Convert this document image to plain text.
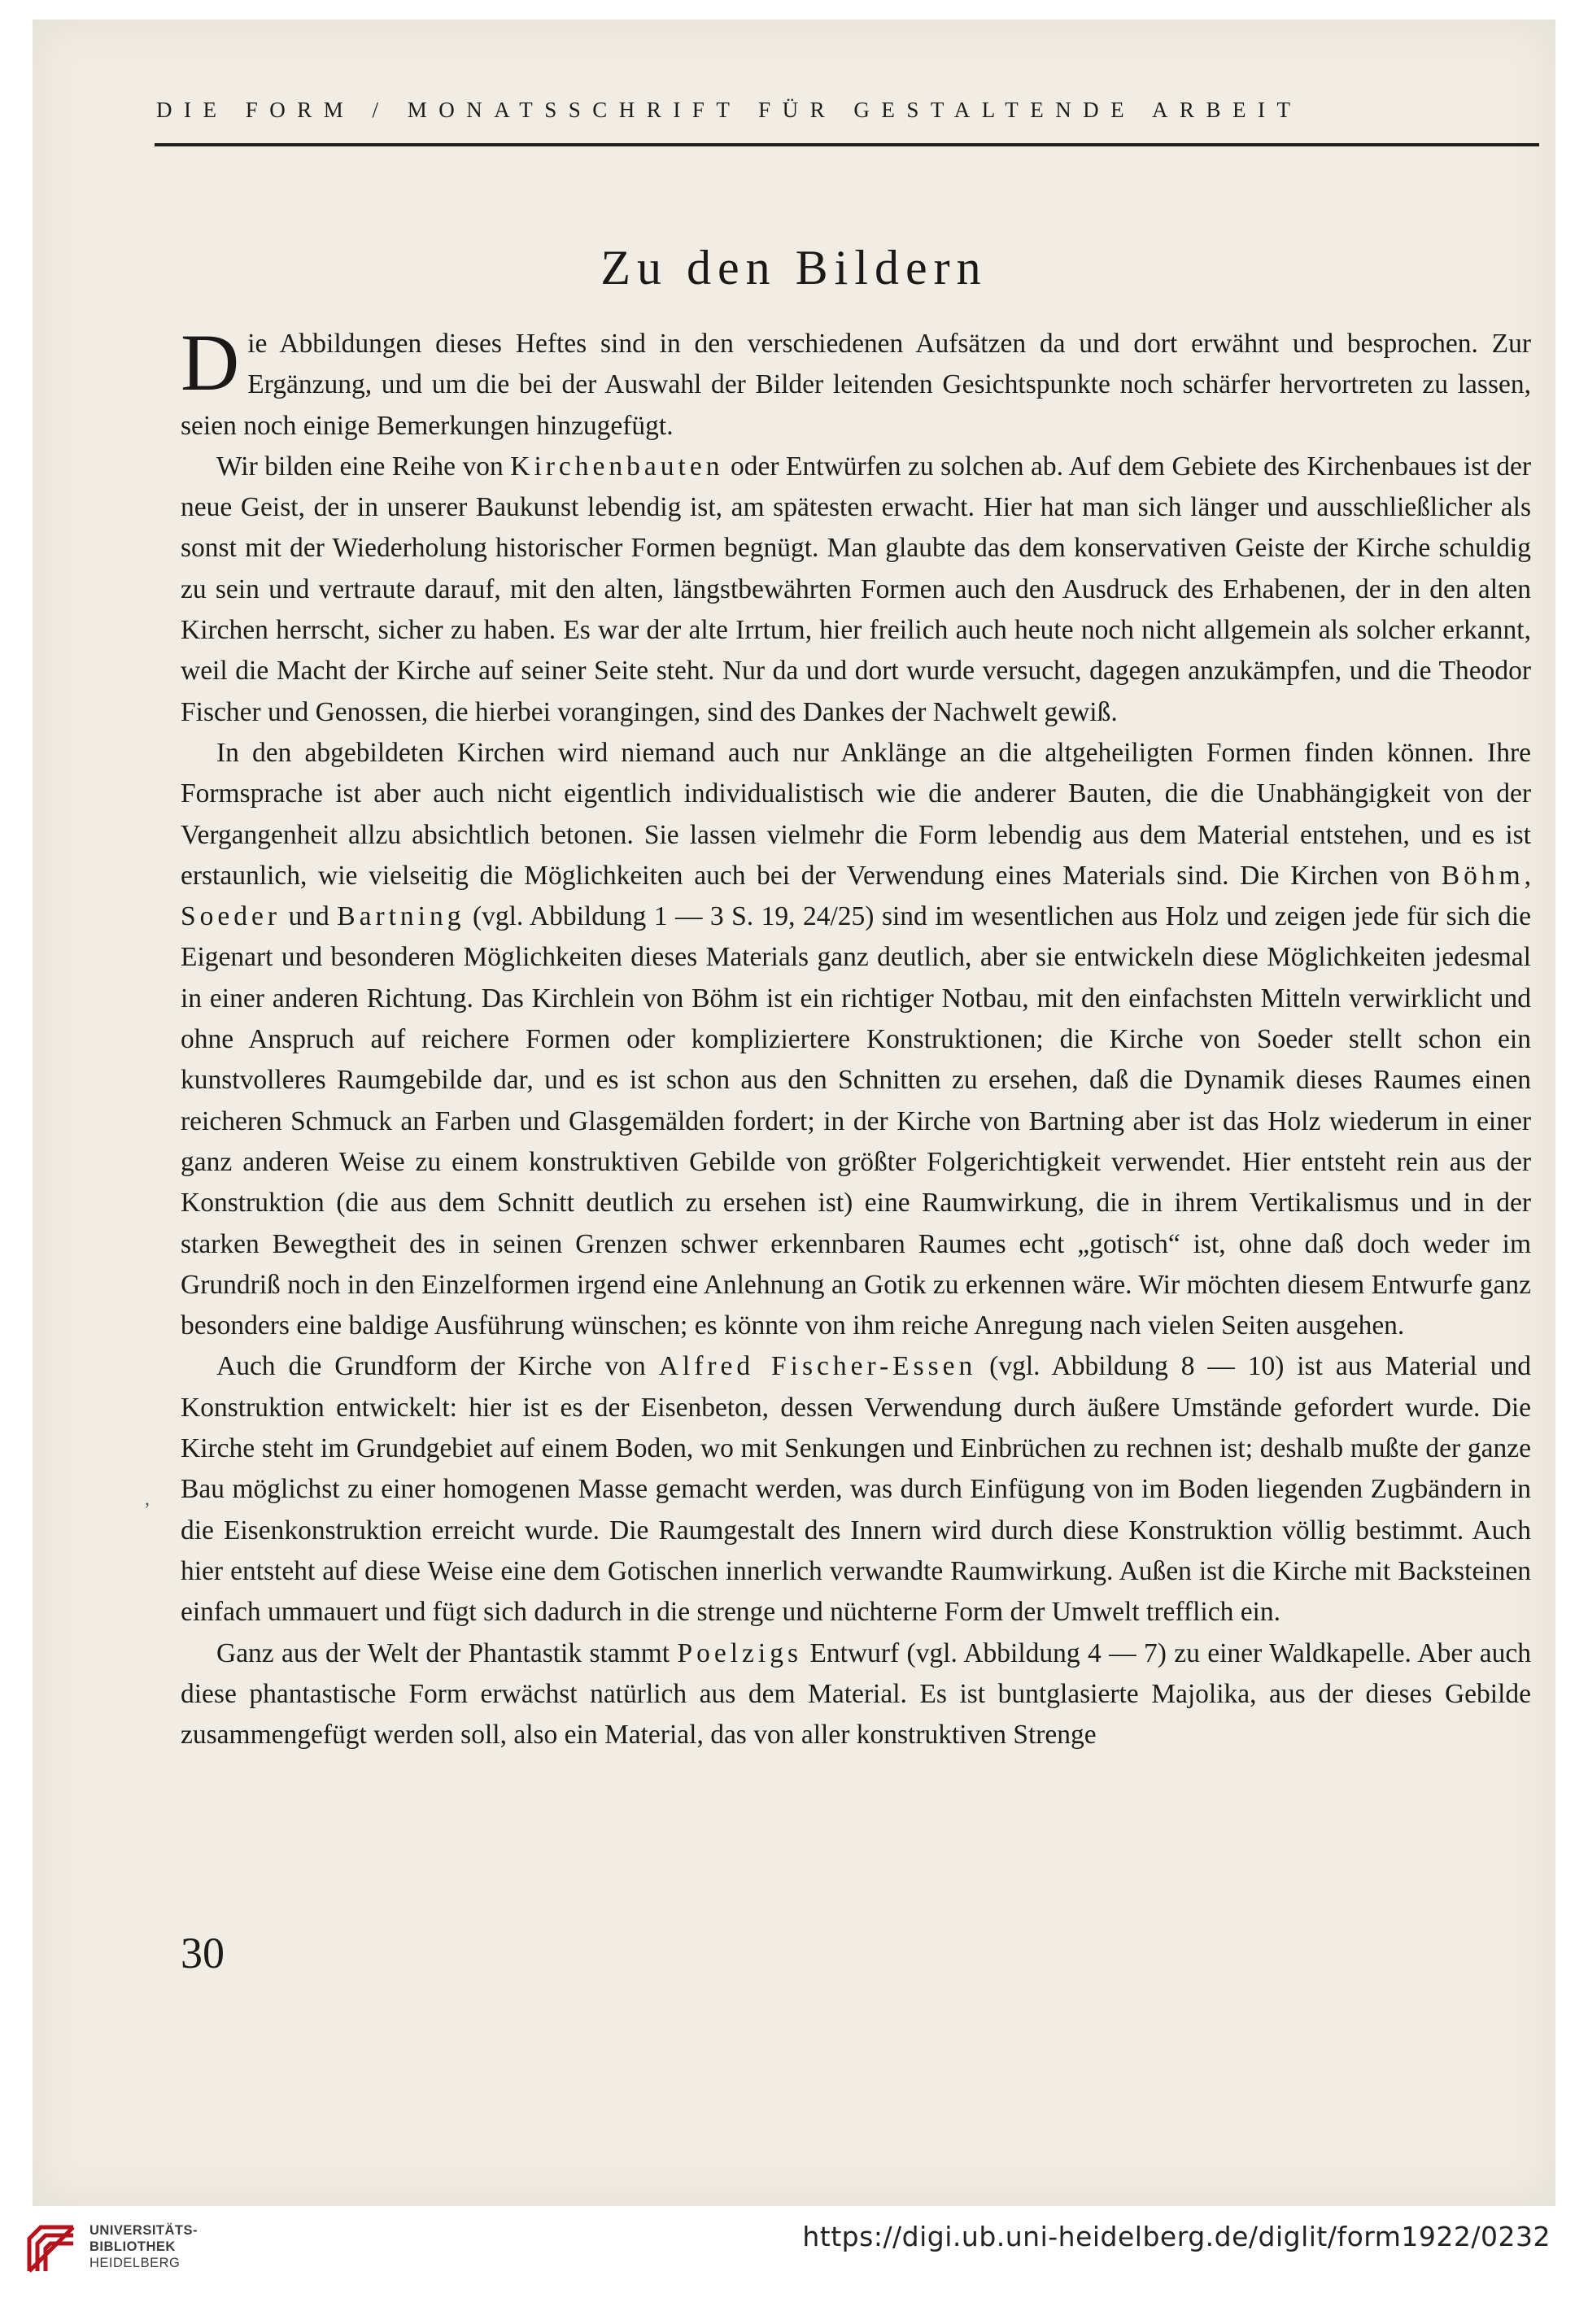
DIE FORM / MONATSSCHRIFT FÜR GESTALTENDE ARBEIT
Zu den Bildern

Die Abbildungen dieses Heftes sind in den verschiedenen Aufsätzen da und dort erwähnt und besprochen. Zur Ergänzung, und um die bei der Auswahl der Bilder leitenden Gesichtspunkte noch schärfer hervortreten zu lassen, seien noch einige Bemerkungen hinzugefügt.

Wir bilden eine Reihe von Kirchenbauten oder Entwürfen zu solchen ab. Auf dem Gebiete des Kirchenbaues ist der neue Geist, der in unserer Baukunst lebendig ist, am spätesten erwacht. Hier hat man sich länger und ausschließlicher als sonst mit der Wiederholung historischer Formen begnügt. Man glaubte das dem konservativen Geiste der Kirche schuldig zu sein und vertraute darauf, mit den alten, längstbewährten Formen auch den Ausdruck des Erhabenen, der in den alten Kirchen herrscht, sicher zu haben. Es war der alte Irrtum, hier freilich auch heute noch nicht allgemein als solcher erkannt, weil die Macht der Kirche auf seiner Seite steht. Nur da und dort wurde versucht, dagegen anzukämpfen, und die Theodor Fischer und Genossen, die hierbei vorangingen, sind des Dankes der Nachwelt gewiß.

In den abgebildeten Kirchen wird niemand auch nur Anklänge an die altgeheiligten Formen finden können. Ihre Formsprache ist aber auch nicht eigentlich individualistisch wie die anderer Bauten, die die Unabhängigkeit von der Vergangenheit allzu absichtlich betonen. Sie lassen vielmehr die Form lebendig aus dem Material entstehen, und es ist erstaunlich, wie vielseitig die Möglichkeiten auch bei der Verwendung eines Materials sind. Die Kirchen von Böhm, Soeder und Bartning (vgl. Abbildung 1 — 3 S. 19, 24/25) sind im wesentlichen aus Holz und zeigen jede für sich die Eigenart und besonderen Möglichkeiten dieses Materials ganz deutlich, aber sie entwickeln diese Möglichkeiten jedesmal in einer anderen Richtung. Das Kirchlein von Böhm ist ein richtiger Notbau, mit den einfachsten Mitteln verwirklicht und ohne Anspruch auf reichere Formen oder kompliziertere Konstruktionen; die Kirche von Soeder stellt schon ein kunstvolleres Raumgebilde dar, und es ist schon aus den Schnitten zu ersehen, daß die Dynamik dieses Raumes einen reicheren Schmuck an Farben und Glasgemälden fordert; in der Kirche von Bartning aber ist das Holz wiederum in einer ganz anderen Weise zu einem konstruktiven Gebilde von größter Folgerichtigkeit verwendet. Hier entsteht rein aus der Konstruktion (die aus dem Schnitt deutlich zu ersehen ist) eine Raumwirkung, die in ihrem Vertikalismus und in der starken Bewegtheit des in seinen Grenzen schwer erkennbaren Raumes echt „gotisch“ ist, ohne daß doch weder im Grundriß noch in den Einzelformen irgend eine Anlehnung an Gotik zu erkennen wäre. Wir möchten diesem Entwurfe ganz besonders eine baldige Ausführung wünschen; es könnte von ihm reiche Anregung nach vielen Seiten ausgehen.

Auch die Grundform der Kirche von Alfred Fischer-Essen (vgl. Abbildung 8 — 10) ist aus Material und Konstruktion entwickelt: hier ist es der Eisenbeton, dessen Verwendung durch äußere Umstände gefordert wurde. Die Kirche steht im Grundgebiet auf einem Boden, wo mit Senkungen und Einbrüchen zu rechnen ist; deshalb mußte der ganze Bau möglichst zu einer homogenen Masse gemacht werden, was durch Einfügung von im Boden liegenden Zugbändern in die Eisenkonstruktion erreicht wurde. Die Raumgestalt des Innern wird durch diese Konstruktion völlig bestimmt. Auch hier entsteht auf diese Weise eine dem Gotischen innerlich verwandte Raumwirkung. Außen ist die Kirche mit Backsteinen einfach ummauert und fügt sich dadurch in die strenge und nüchterne Form der Umwelt trefflich ein.

Ganz aus der Welt der Phantastik stammt Poelzigs Entwurf (vgl. Abbildung 4 — 7) zu einer Waldkapelle. Aber auch diese phantastische Form erwächst natürlich aus dem Material. Es ist buntglasierte Majolika, aus der dieses Gebilde zusammengefügt werden soll, also ein Material, das von aller konstruktiven Strenge

,
30
UNIVERSITÄTS-
BIBLIOTHEK
HEIDELBERG
https://digi.ub.uni-heidelberg.de/diglit/form1922/0232
